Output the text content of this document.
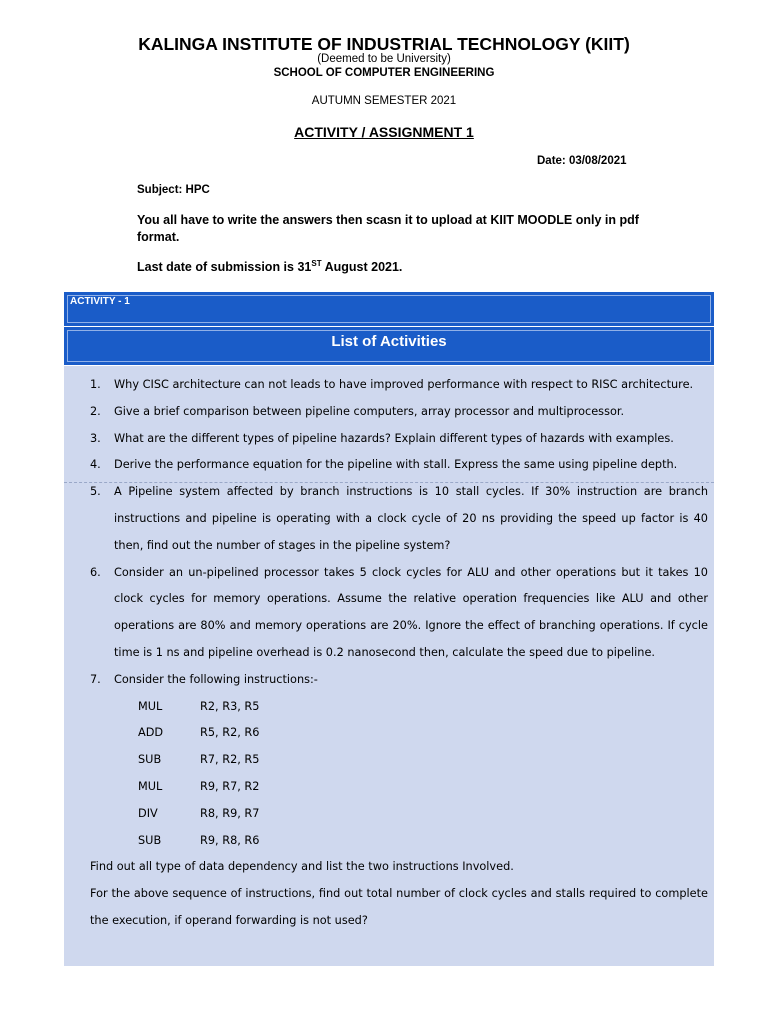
KALINGA INSTITUTE OF INDUSTRIAL TECHNOLOGY (KIIT)
(Deemed to be University)
SCHOOL OF COMPUTER ENGINEERING
AUTUMN SEMESTER 2021
ACTIVITY / ASSIGNMENT 1
Date: 03/08/2021
Subject: HPC
You all have to write the answers then scasn it to upload at KIIT MOODLE only in pdf format.
Last date of submission is 31ST August 2021.
ACTIVITY - 1
List of Activities
1. Why CISC architecture can not leads to have improved performance with respect to RISC architecture.
2. Give a brief comparison between pipeline computers, array processor and multiprocessor.
3. What are the different types of pipeline hazards? Explain different types of hazards with examples.
4. Derive the performance equation for the pipeline with stall. Express the same using pipeline depth.
5. A Pipeline system affected by branch instructions is 10 stall cycles. If 30% instruction are branch instructions and pipeline is operating with a clock cycle of 20 ns providing the speed up factor is 40 then, find out the number of stages in the pipeline system?
6. Consider an un-pipelined processor takes 5 clock cycles for ALU and other operations but it takes 10 clock cycles for memory operations. Assume the relative operation frequencies like ALU and other operations are 80% and memory operations are 20%. Ignore the effect of branching operations. If cycle time is 1 ns and pipeline overhead is 0.2 nanosecond then, calculate the speed due to pipeline.
7. Consider the following instructions:-
MUL	R2, R3, R5
ADD	R5, R2, R6
SUB	R7, R2, R5
MUL	R9, R7, R2
DIV	R8, R9, R7
SUB	R9, R8, R6
Find out all type of data dependency and list the two instructions Involved.
For the above sequence of instructions, find out total number of clock cycles and stalls required to complete the execution, if operand forwarding is not used?
